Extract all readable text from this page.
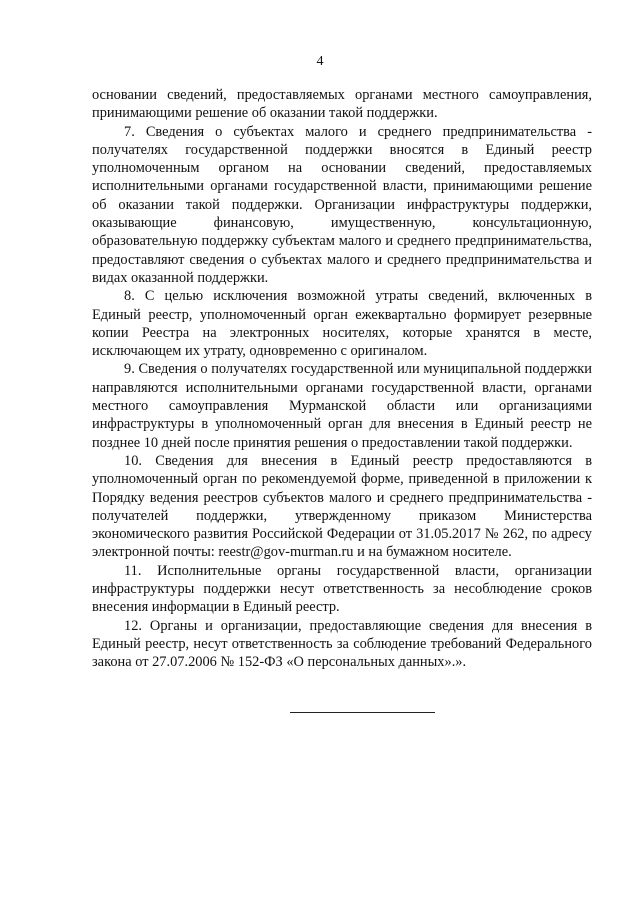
4

основании сведений, предоставляемых органами местного самоуправления, принимающими решение об оказании такой поддержки.

7. Сведения о субъектах малого и среднего предпринимательства - получателях государственной поддержки вносятся в Единый реестр уполномоченным органом на основании сведений, предоставляемых исполнительными органами государственной власти, принимающими решение об оказании такой поддержки. Организации инфраструктуры поддержки, оказывающие финансовую, имущественную, консультационную, образовательную поддержку субъектам малого и среднего предпринимательства, предоставляют сведения о субъектах малого и среднего предпринимательства и видах оказанной поддержки.

8. С целью исключения возможной утраты сведений, включенных в Единый реестр, уполномоченный орган ежеквартально формирует резервные копии Реестра на электронных носителях, которые хранятся в месте, исключающем их утрату, одновременно с оригиналом.

9. Сведения о получателях государственной или муниципальной поддержки направляются исполнительными органами государственной власти, органами местного самоуправления Мурманской области или организациями инфраструктуры в уполномоченный орган для внесения в Единый реестр не позднее 10 дней после принятия решения о предоставлении такой поддержки.

10. Сведения для внесения в Единый реестр предоставляются в уполномоченный орган по рекомендуемой форме, приведенной в приложении к Порядку ведения реестров субъектов малого и среднего предпринимательства - получателей поддержки, утвержденному приказом Министерства экономического развития Российской Федерации от 31.05.2017 № 262, по адресу электронной почты: reestr@gov-murman.ru и на бумажном носителе.

11. Исполнительные органы государственной власти, организации инфраструктуры поддержки несут ответственность за несоблюдение сроков внесения информации в Единый реестр.

12. Органы и организации, предоставляющие сведения для внесения в Единый реестр, несут ответственность за соблюдение требований Федерального закона от 27.07.2006 № 152-ФЗ «О персональных данных».».
